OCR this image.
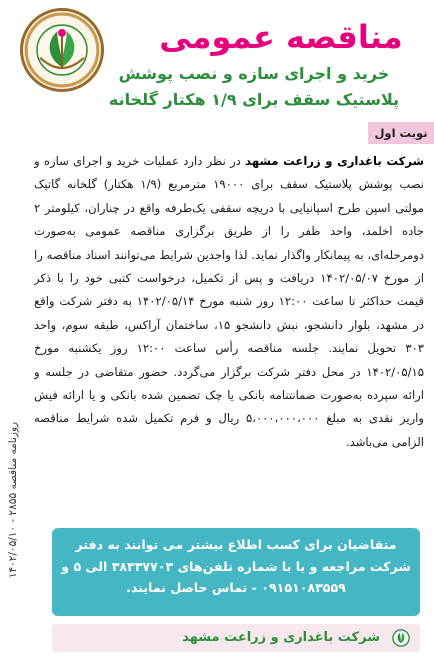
مناقصه عمومی
خرید و اجرای سازه و نصب پوشش
پلاستیک سقف برای ۱/۹ هکتار گلخانه
نوبت اول
روزنامه مناقصه ۲۸۵۵ - ۱۴۰۲/۰۵/۱۰
شرکت باغداری و زراعت مشهد در نظر دارد عملیات خرید و اجرای سازه و نصب پوشش پلاستیک سقف برای ۱۹۰۰۰ مترمربع (۱/۹ هکتار) گلخانه گاتیک مولتی اسپن طرح اسپانیایی با دریچه سقفی یک‌طرفه واقع در چناران، کیلومتر ۲ جاده اخلمد، واحد ظفر را از طریق برگزاری مناقصه عمومی به‌صورت دومرحله‌ای، به پیمانکار واگذار نماید. لذا واجدین شرایط می‌توانند اسناد مناقصه را از مورخ ۱۴۰۲/۰۵/۰۷ دریافت و پس از تکمیل، درخواست کتبی خود را با ذکر قیمت حداکثر تا ساعت ۱۲:۰۰ روز شنبه مورخ ۱۴۰۲/۰۵/۱۴ به دفتر شرکت واقع در مشهد، بلوار دانشجو، نبش دانشجو ۱۵، ساختمان آراکس، طبقه سوم، واحد ۳۰۳ تحویل نمایند. جلسه مناقصه رأس ساعت ۱۲:۰۰ روز یکشنبه مورخ ۱۴۰۲/۰۵/۱۵ در محل دفتر شرکت برگزار می‌گردد. حضور متقاضی در جلسه و ارائه سپرده به‌صورت ضمانتنامه بانکی یا چک تضمین شده بانکی و یا ارائه فیش واریز نقدی به مبلغ ۵،۰۰۰،۰۰۰،۰۰۰ ریال و فرم تکمیل شده شرایط مناقصه الزامی می‌باشد.
متقاضیان برای کسب اطلاع بیشتر می توانند به دفتر
شرکت مراجعه و یا با شماره تلفن‌های ۳۸۳۳۷۷۰۳ الی ۵ و
۰۹۱۵۱۰۸۳۵۵۹ - تماس حاصل نمایند.
شرکت باغداری و زراعت مشهد
